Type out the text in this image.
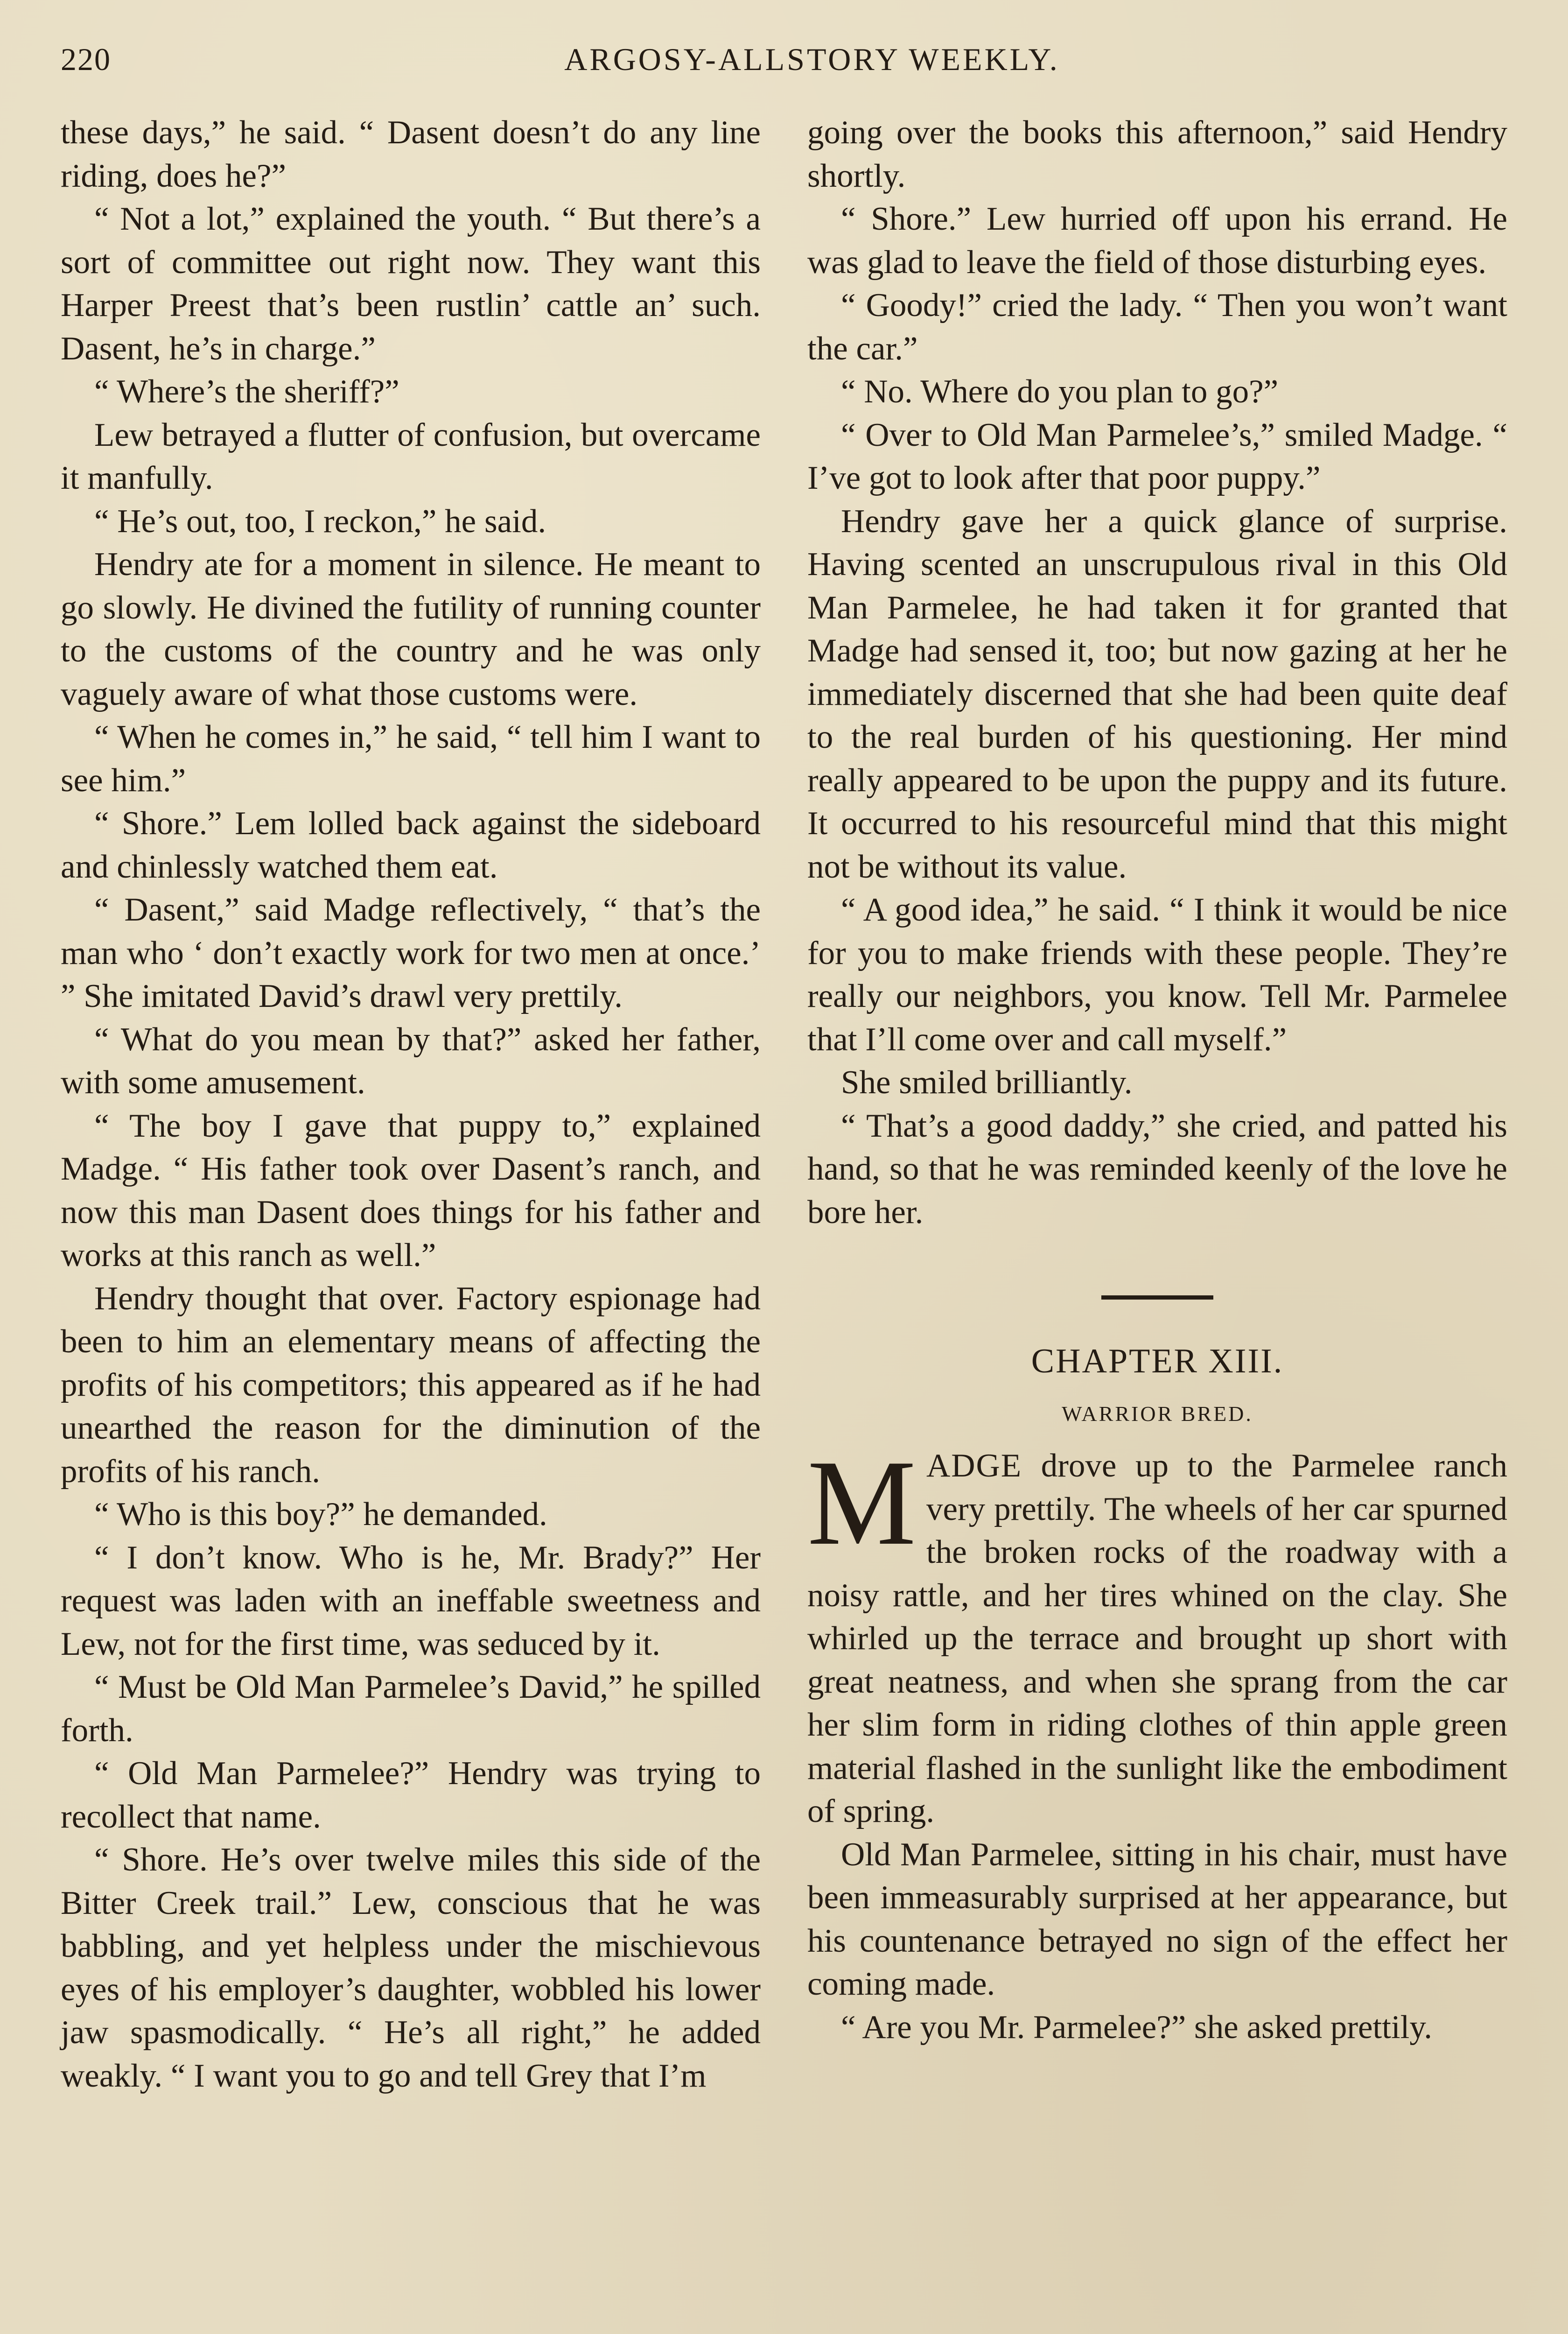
220	ARGOSY-ALLSTORY WEEKLY.

these days,” he said. “ Dasent doesn’t do any line riding, does he?”

“ Not a lot,” explained the youth. “ But there’s a sort of committee out right now. They want this Harper Preest that’s been rustlin’ cattle an’ such. Dasent, he’s in charge.”

“ Where’s the sheriff?”

Lew betrayed a flutter of confusion, but overcame it manfully.

“ He’s out, too, I reckon,” he said.

Hendry ate for a moment in silence. He meant to go slowly. He divined the futility of running counter to the customs of the country and he was only vaguely aware of what those customs were.

“ When he comes in,” he said, “ tell him I want to see him.”

“ Shore.” Lem lolled back against the sideboard and chinlessly watched them eat.

“ Dasent,” said Madge reflectively, “ that’s the man who ‘ don’t exactly work for two men at once.’ ” She imitated David’s drawl very prettily.

“ What do you mean by that?” asked her father, with some amusement.

“ The boy I gave that puppy to,” explained Madge. “ His father took over Dasent’s ranch, and now this man Dasent does things for his father and works at this ranch as well.”

Hendry thought that over. Factory espionage had been to him an elementary means of affecting the profits of his competitors; this appeared as if he had unearthed the reason for the diminution of the profits of his ranch.

“ Who is this boy?” he demanded.

“ I don’t know. Who is he, Mr. Brady?” Her request was laden with an ineffable sweetness and Lew, not for the first time, was seduced by it.

“ Must be Old Man Parmelee’s David,” he spilled forth.

“ Old Man Parmelee?” Hendry was trying to recollect that name.

“ Shore. He’s over twelve miles this side of the Bitter Creek trail.” Lew, conscious that he was babbling, and yet helpless under the mischievous eyes of his employer’s daughter, wobbled his lower jaw spasmodically. “ He’s all right,” he added weakly. “ I want you to go and tell Grey that I’m

going over the books this afternoon,” said Hendry shortly.

“ Shore.” Lew hurried off upon his errand. He was glad to leave the field of those disturbing eyes.

“ Goody!” cried the lady. “ Then you won’t want the car.”

“ No. Where do you plan to go?”

“ Over to Old Man Parmelee’s,” smiled Madge. “ I’ve got to look after that poor puppy.”

Hendry gave her a quick glance of surprise. Having scented an unscrupulous rival in this Old Man Parmelee, he had taken it for granted that Madge had sensed it, too; but now gazing at her he immediately discerned that she had been quite deaf to the real burden of his questioning. Her mind really appeared to be upon the puppy and its future. It occurred to his resourceful mind that this might not be without its value.

“ A good idea,” he said. “ I think it would be nice for you to make friends with these people. They’re really our neighbors, you know. Tell Mr. Parmelee that I’ll come over and call myself.”

She smiled brilliantly.

“ That’s a good daddy,” she cried, and patted his hand, so that he was reminded keenly of the love he bore her.

CHAPTER XIII.
WARRIOR BRED.

MADGE drove up to the Parmelee ranch very prettily. The wheels of her car spurned the broken rocks of the roadway with a noisy rattle, and her tires whined on the clay. She whirled up the terrace and brought up short with great neatness, and when she sprang from the car her slim form in riding clothes of thin apple green material flashed in the sunlight like the embodiment of spring.

Old Man Parmelee, sitting in his chair, must have been immeasurably surprised at her appearance, but his countenance betrayed no sign of the effect her coming made.

“ Are you Mr. Parmelee?” she asked prettily.
